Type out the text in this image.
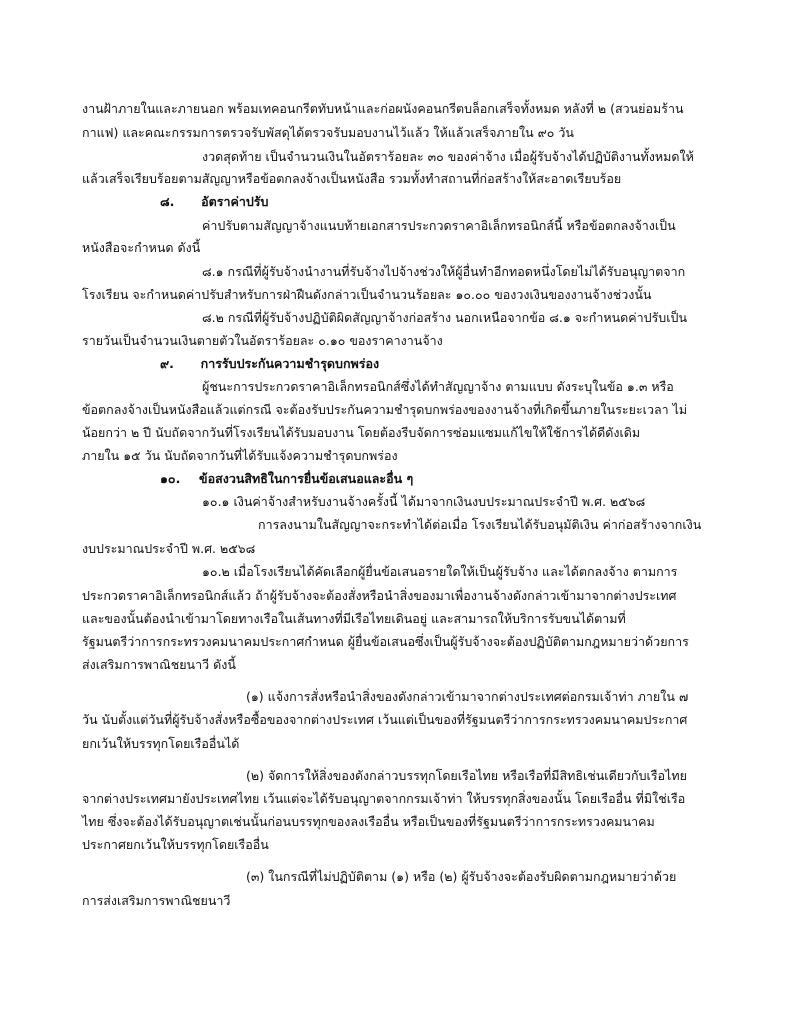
งานฝ้าภายในและภายนอก พร้อมเทคอนกรีตทับหน้าและก่อผนังคอนกรีตบล็อกเสร็จทั้งหมด หลังที่ ๒ (สวนย่อมร้าน
กาแฟ) และคณะกรรมการตรวจรับพัสดุได้ตรวจรับมอบงานไว้แล้ว ให้แล้วเสร็จภายใน ๙๐ วัน
งวดสุดท้าย เป็นจำนวนเงินในอัตราร้อยละ ๓๐ ของค่าจ้าง เมื่อผู้รับจ้างได้ปฏิบัติงานทั้งหมดให้
แล้วเสร็จเรียบร้อยตามสัญญาหรือข้อตกลงจ้างเป็นหนังสือ รวมทั้งทำสถานที่ก่อสร้างให้สะอาดเรียบร้อย
๘. อัตราค่าปรับ
ค่าปรับตามสัญญาจ้างแนบท้ายเอกสารประกวดราคาอิเล็กทรอนิกส์นี้ หรือข้อตกลงจ้างเป็น
หนังสือจะกำหนด ดังนี้
๘.๑ กรณีที่ผู้รับจ้างนำงานที่รับจ้างไปจ้างช่วงให้ผู้อื่นทำอีกทอดหนึ่งโดยไม่ได้รับอนุญาตจาก
โรงเรียน จะกำหนดค่าปรับสำหรับการฝ่าฝืนดังกล่าวเป็นจำนวนร้อยละ ๑๐.๐๐ ของวงเงินของงานจ้างช่วงนั้น
๘.๒ กรณีที่ผู้รับจ้างปฏิบัติผิดสัญญาจ้างก่อสร้าง นอกเหนือจากข้อ ๘.๑ จะกำหนดค่าปรับเป็น
รายวันเป็นจำนวนเงินตายตัวในอัตราร้อยละ ๐.๑๐ ของราคางานจ้าง
๙. การรับประกันความชำรุดบกพร่อง
ผู้ชนะการประกวดราคาอิเล็กทรอนิกส์ซึ่งได้ทำสัญญาจ้าง ตามแบบ ดังระบุในข้อ ๑.๓ หรือ
ข้อตกลงจ้างเป็นหนังสือแล้วแต่กรณี จะต้องรับประกันความชำรุดบกพร่องของงานจ้างที่เกิดขึ้นภายในระยะเวลา ไม่
น้อยกว่า ๒ ปี นับถัดจากวันที่โรงเรียนได้รับมอบงาน โดยต้องรีบจัดการซ่อมแซมแก้ไขให้ใช้การได้ดีดังเดิม
ภายใน ๑๕ วัน นับถัดจากวันที่ได้รับแจ้งความชำรุดบกพร่อง
๑๐. ข้อสงวนสิทธิในการยื่นข้อเสนอและอื่น ๆ
๑๐.๑ เงินค่าจ้างสำหรับงานจ้างครั้งนี้ ได้มาจากเงินงบประมาณประจำปี พ.ศ. ๒๕๖๘
การลงนามในสัญญาจะกระทำได้ต่อเมื่อ โรงเรียนได้รับอนุมัติเงิน ค่าก่อสร้างจากเงิน
งบประมาณประจำปี พ.ศ. ๒๕๖๘
๑๐.๒ เมื่อโรงเรียนได้คัดเลือกผู้ยื่นข้อเสนอรายใดให้เป็นผู้รับจ้าง และได้ตกลงจ้าง ตามการ
ประกวดราคาอิเล็กทรอนิกส์แล้ว ถ้าผู้รับจ้างจะต้องสั่งหรือนำสิ่งของมาเพื่องานจ้างดังกล่าวเข้ามาจากต่างประเทศ
และของนั้นต้องนำเข้ามาโดยทางเรือในเส้นทางที่มีเรือไทยเดินอยู่ และสามารถให้บริการรับขนได้ตามที่
รัฐมนตรีว่าการกระทรวงคมนาคมประกาศกำหนด ผู้ยื่นข้อเสนอซึ่งเป็นผู้รับจ้างจะต้องปฏิบัติตามกฎหมายว่าด้วยการ
ส่งเสริมการพาณิชยนาวี ดังนี้
(๑) แจ้งการสั่งหรือนำสิ่งของดังกล่าวเข้ามาจากต่างประเทศต่อกรมเจ้าท่า ภายใน ๗
วัน นับตั้งแต่วันที่ผู้รับจ้างสั่งหรือซื้อของจากต่างประเทศ เว้นแต่เป็นของที่รัฐมนตรีว่าการกระทรวงคมนาคมประกาศ
ยกเว้นให้บรรทุกโดยเรืออื่นได้
(๒) จัดการให้สิ่งของดังกล่าวบรรทุกโดยเรือไทย หรือเรือที่มีสิทธิเช่นเดียวกับเรือไทย
จากต่างประเทศมายังประเทศไทย เว้นแต่จะได้รับอนุญาตจากกรมเจ้าท่า ให้บรรทุกสิ่งของนั้น โดยเรืออื่น ที่มิใช่เรือ
ไทย ซึ่งจะต้องได้รับอนุญาตเช่นนั้นก่อนบรรทุกของลงเรืออื่น หรือเป็นของที่รัฐมนตรีว่าการกระทรวงคมนาคม
ประกาศยกเว้นให้บรรทุกโดยเรืออื่น
(๓) ในกรณีที่ไม่ปฏิบัติตาม (๑) หรือ (๒) ผู้รับจ้างจะต้องรับผิดตามกฎหมายว่าด้วย
การส่งเสริมการพาณิชยนาวี
